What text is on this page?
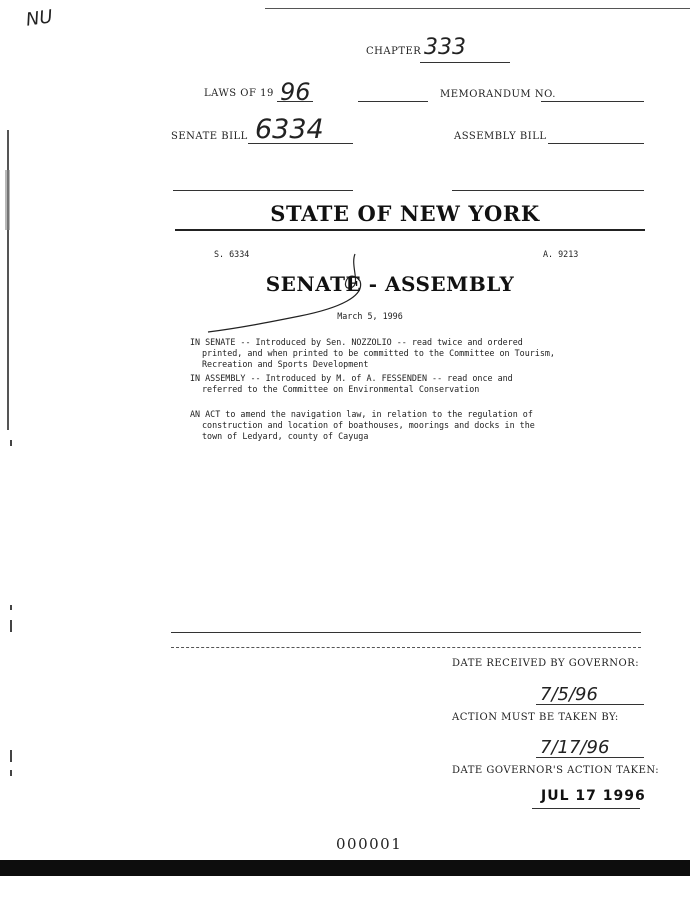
NU
CHAPTER 333
LAWS OF 19 96	MEMORANDUM NO.
SENATE BILL 6334	ASSEMBLY BILL
STATE OF NEW YORK
S. 6334	A. 9213
SENATE - ASSEMBLY
March 5, 1996
IN SENATE -- Introduced by Sen. NOZZOLIO -- read twice and ordered
printed, and when printed to be committed to the Committee on Tourism,
Recreation and Sports Development
IN ASSEMBLY -- Introduced by M. of A. FESSENDEN -- read once and
referred to the Committee on Environmental Conservation
AN ACT to amend the navigation law, in relation to the regulation of
construction and location of boathouses, moorings and docks in the
town of Ledyard, county of Cayuga
DATE RECEIVED BY GOVERNOR:
7/5/96
ACTION MUST BE TAKEN BY:
7/17/96
DATE GOVERNOR'S ACTION TAKEN:
JUL 17 1996
000001
